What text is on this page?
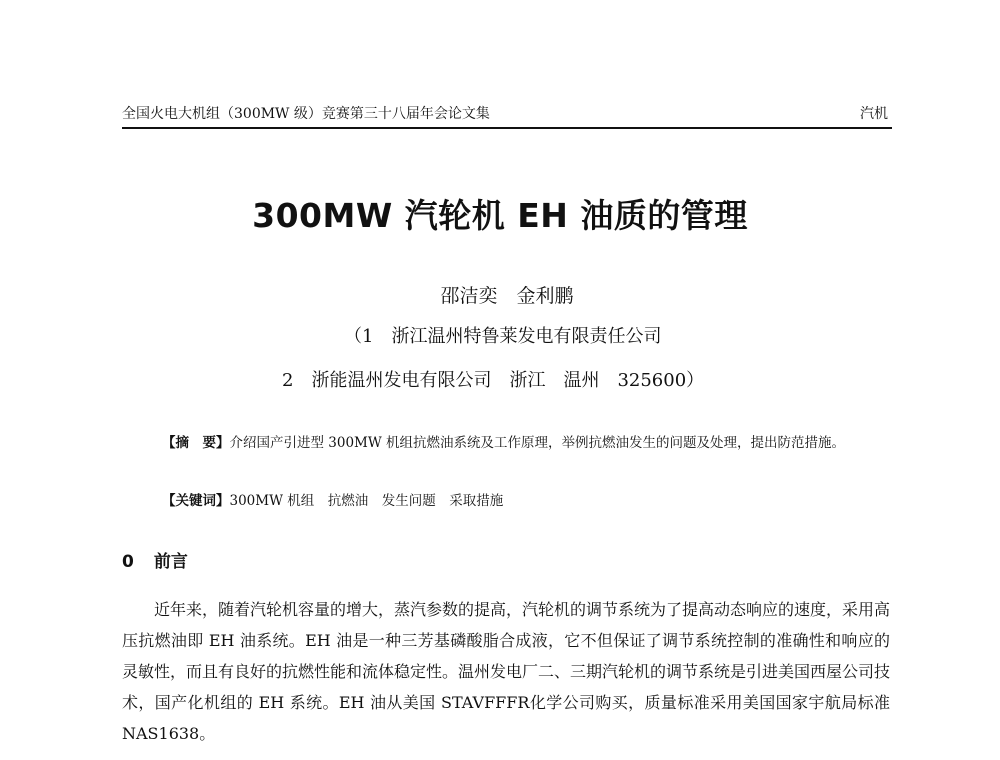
全国火电大机组（300MW 级）竞赛第三十八届年会论文集	汽机
300MW 汽轮机 EH 油质的管理
邵洁奕　金利鹏
（1　浙江温州特鲁莱发电有限责任公司
2　浙能温州发电有限公司　浙江　温州　325600）
【摘　要】介绍国产引进型 300MW 机组抗燃油系统及工作原理，举例抗燃油发生的问题及处理，提出防范措施。
【关键词】300MW 机组　抗燃油　发生问题　采取措施
0 前言

近年来，随着汽轮机容量的增大，蒸汽参数的提高，汽轮机的调节系统为了提高动态响应的速度，采用高压抗燃油即 EH 油系统。EH 油是一种三芳基磷酸脂合成液，它不但保证了调节系统控制的准确性和响应的灵敏性，而且有良好的抗燃性能和流体稳定性。温州发电厂二、三期汽轮机的调节系统是引进美国西屋公司技术，国产化机组的 EH 系统。EH 油从美国 STAVFFFR化学公司购买，质量标准采用美国国家宇航局标准 NAS1638。
